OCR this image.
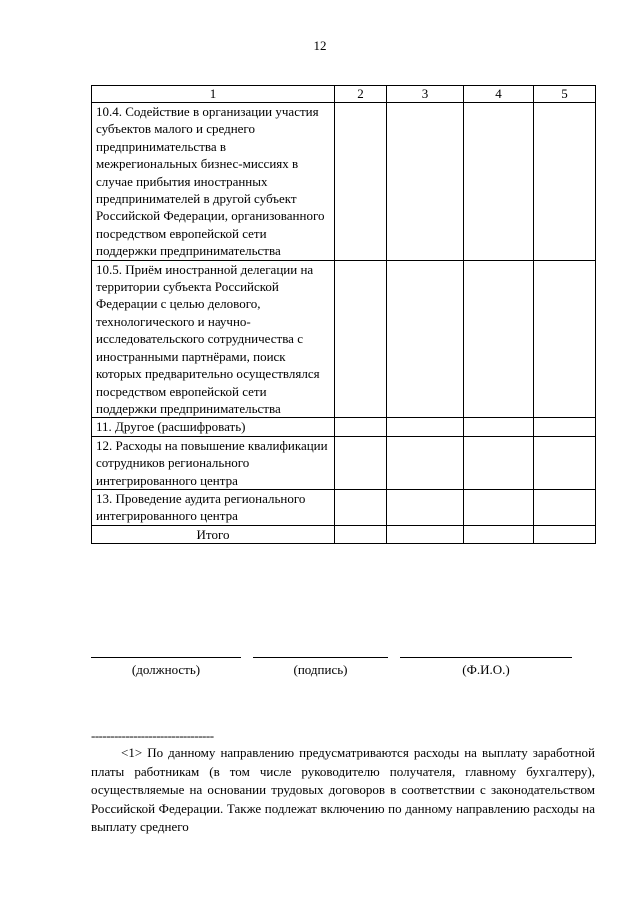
12
1	2	3	4	5
10.4. Содействие в организации участия субъектов малого и среднего предпринимательства в межрегиональных бизнес-миссиях в случае прибытия иностранных предпринимателей в другой субъект Российской Федерации, организованного посредством европейской сети поддержки предпринимательства				
10.5. Приём иностранной делегации на территории субъекта Российской Федерации с целью делового, технологического и научно-исследовательского сотрудничества с иностранными партнёрами, поиск которых предварительно осуществлялся посредством европейской сети поддержки предпринимательства				
11. Другое (расшифровать)				
12. Расходы на повышение квалификации сотрудников регионального интегрированного центра				
13. Проведение аудита регионального интегрированного центра				
Итого				
(должность)	(подпись)	(Ф.И.О.)
--------------------------------
<1> По данному направлению предусматриваются расходы на выплату заработной платы работникам (в том числе руководителю получателя, главному бухгалтеру), осуществляемые на основании трудовых договоров в соответствии с законодательством Российской Федерации. Также подлежат включению по данному направлению расходы на выплату среднего
